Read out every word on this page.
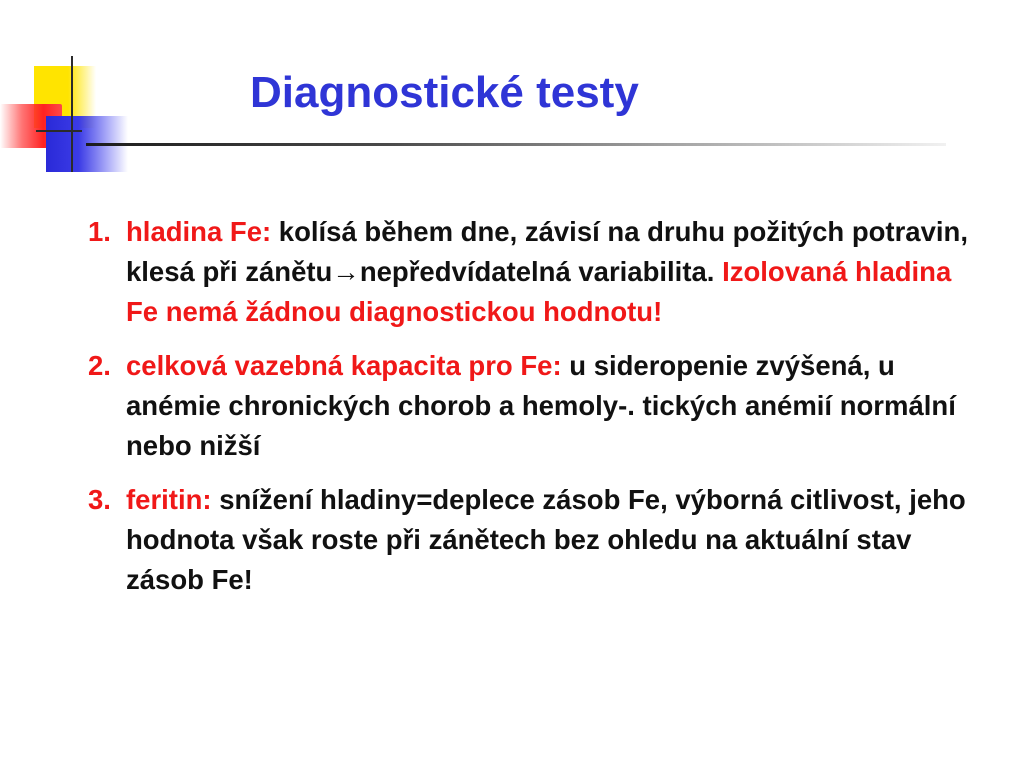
Diagnostické testy
1. hladina Fe: kolísá během dne, závisí na druhu požitých potravin, klesá při zánětu→nepředvídatelná variabilita. Izolovaná hladina Fe nemá žádnou diagnostickou hodnotu!
2. celková vazebná kapacita pro Fe: u sideropenie zvýšená, u anémie chronických chorob a hemoly-. tických anémií normální nebo nižší
3. feritin: snížení hladiny=deplece zásob Fe, výborná citlivost, jeho hodnota však roste při zánětech bez ohledu na aktuální stav zásob Fe!
